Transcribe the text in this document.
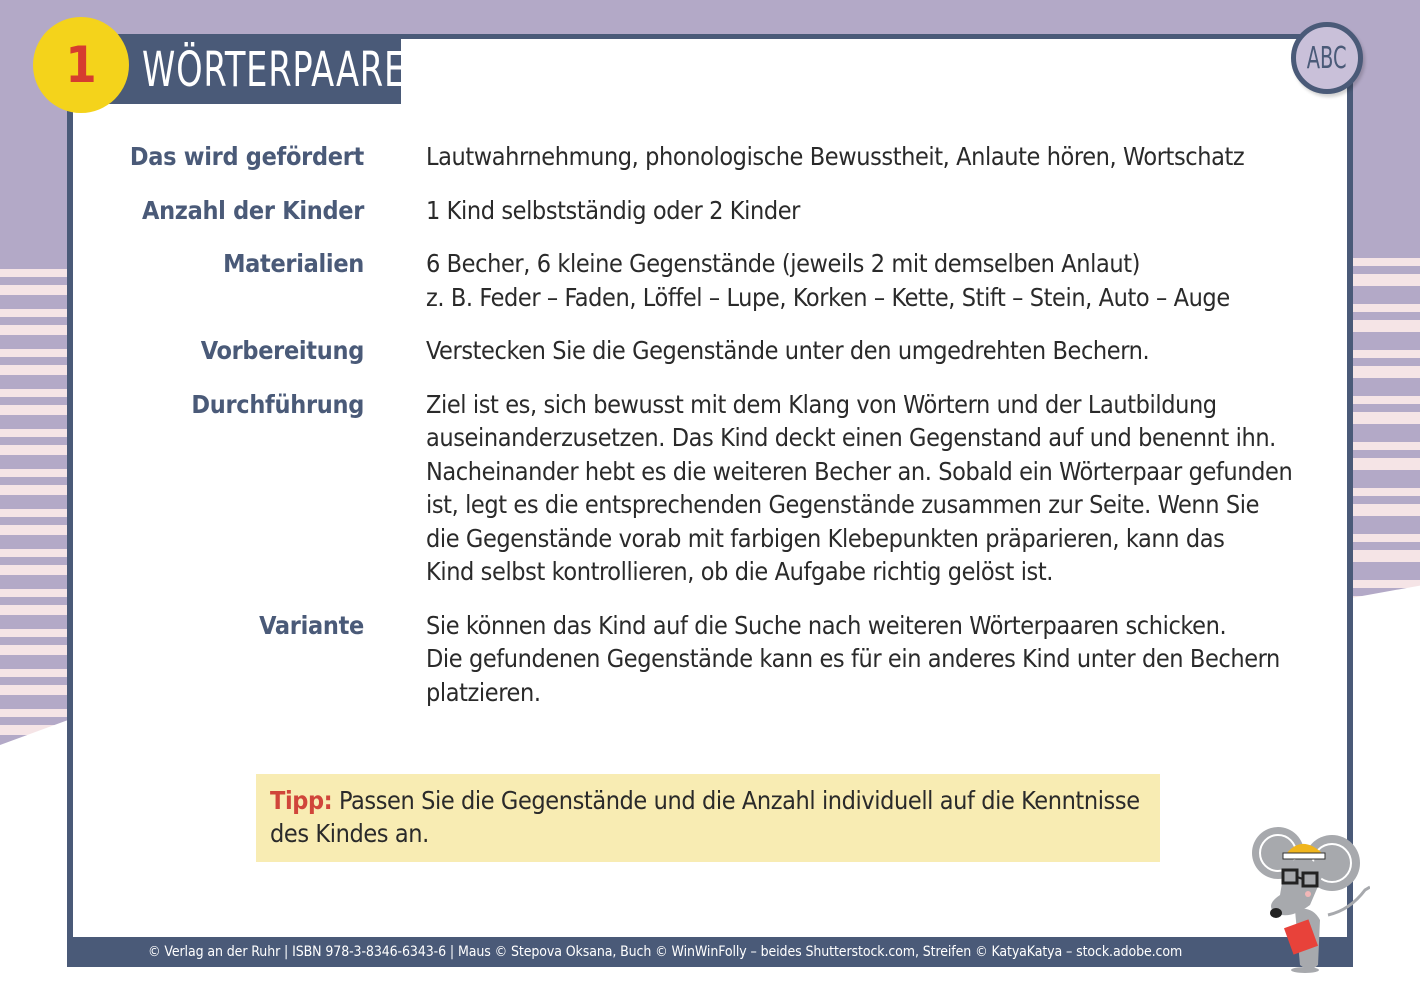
WÖRTERPAARE
1	ABC
Das wird gefördert Lautwahrnehmung, phonologische Bewusstheit, Anlaute hören, Wortschatz
Anzahl der Kinder 1 Kind selbstständig oder 2 Kinder
Materialien 6 Becher, 6 kleine Gegenstände (jeweils 2 mit demselben Anlaut)
z. B. Feder – Faden, Löffel – Lupe, Korken – Kette, Stift – Stein, Auto – Auge
Vorbereitung Verstecken Sie die Gegenstände unter den umgedrehten Bechern.
Durchführung Ziel ist es, sich bewusst mit dem Klang von Wörtern und der Lautbildung
auseinanderzusetzen. Das Kind deckt einen Gegenstand auf und benennt ihn.
Nacheinander hebt es die weiteren Becher an. Sobald ein Wörterpaar gefunden
ist, legt es die entsprechenden Gegenstände zusammen zur Seite. Wenn Sie
die Gegenstände vorab mit farbigen Klebepunkten präparieren, kann das
Kind selbst kontrollieren, ob die Aufgabe richtig gelöst ist.
Variante Sie können das Kind auf die Suche nach weiteren Wörterpaaren schicken.
Die gefundenen Gegenstände kann es für ein anderes Kind unter den Bechern
platzieren.
Tipp: Passen Sie die Gegenstände und die Anzahl individuell auf die Kenntnisse
des Kindes an.
© Verlag an der Ruhr | ISBN 978-3-8346-6343-6 | Maus © Stepova Oksana, Buch © WinWinFolly – beides Shutterstock.com, Streifen © KatyaKatya – stock.adobe.com
